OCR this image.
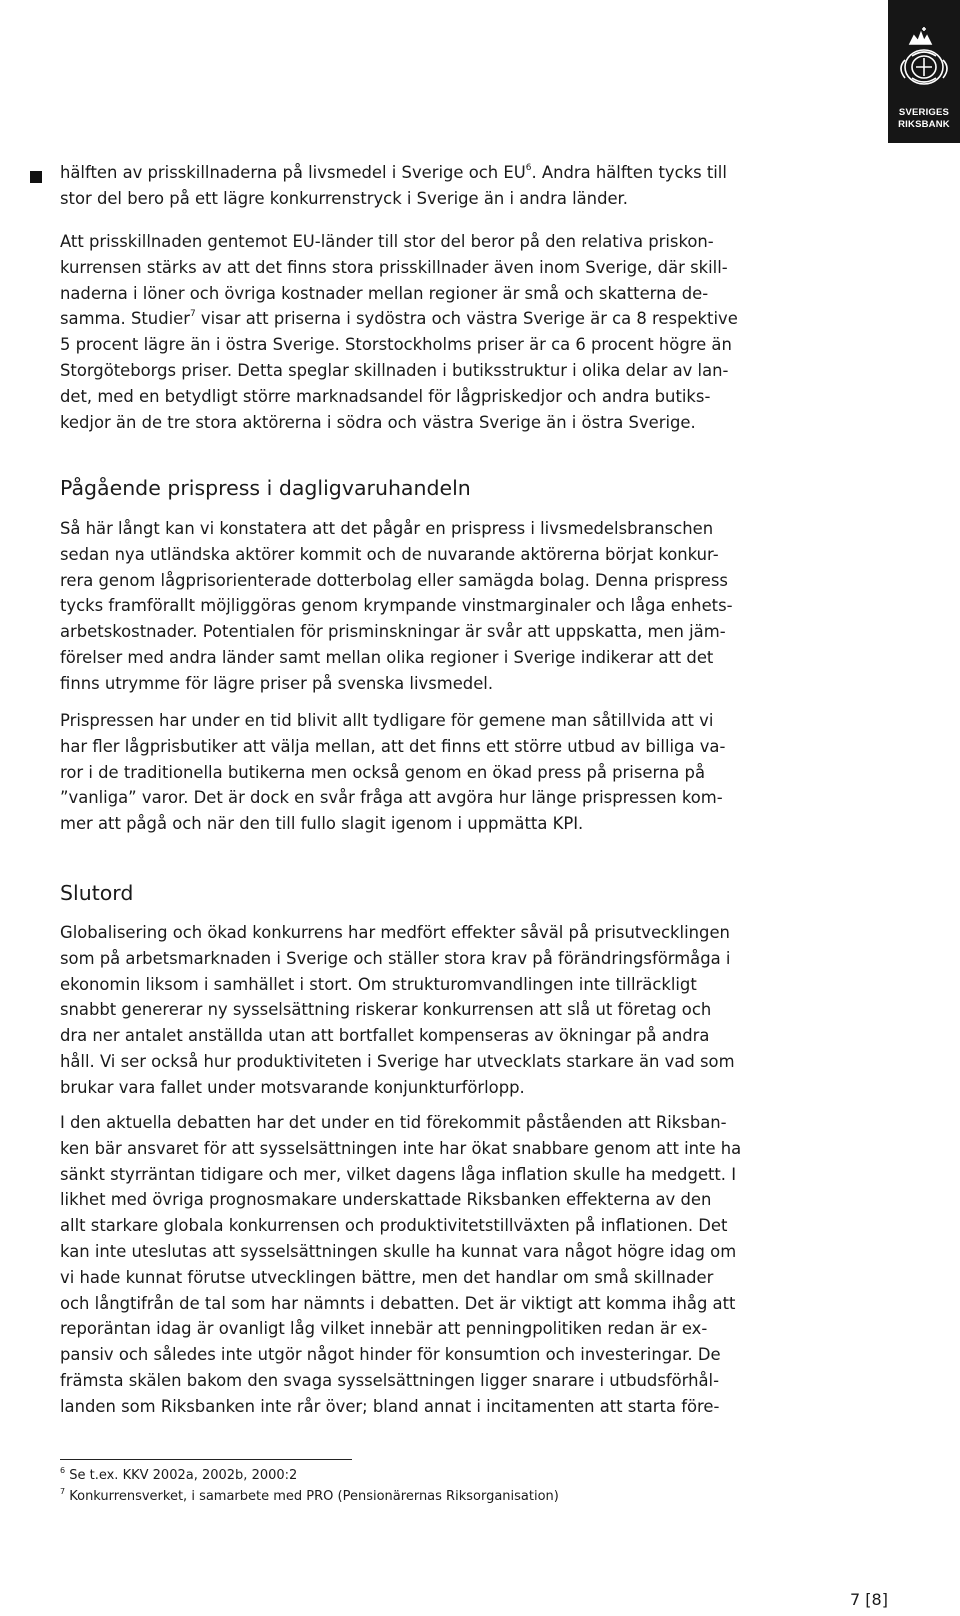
SVERIGES
RIKSBANK

hälften av prisskillnaderna på livsmedel i Sverige och $EU^6$. Andra hälften tycks till
stor del bero på ett lägre konkurrenstryck i Sverige än i andra länder.

Att prisskillnaden gentemot EU-länder till stor del beror på den relativa priskon-
kurrensen stärks av att det finns stora prisskillnader även inom Sverige, där skill-
naderna i löner och övriga kostnader mellan regioner är små och skatterna de-
samma. Studier$^7$ visar att priserna i sydöstra och västra Sverige är ca 8 respektive
5 procent lägre än i östra Sverige. Storstockholms priser är ca 6 procent högre än
Storgöteborgs priser. Detta speglar skillnaden i butiksstruktur i olika delar av lan-
det, med en betydligt större marknadsandel för lågpriskedjor och andra butiks-
kedjor än de tre stora aktörerna i södra och västra Sverige än i östra Sverige.

Pågående prispress i dagligvaruhandeln

Så här långt kan vi konstatera att det pågår en prispress i livsmedelsbranschen
sedan nya utländska aktörer kommit och de nuvarande aktörerna börjat konkur-
rera genom lågprisorienterade dotterbolag eller samägda bolag. Denna prispress
tycks framförallt möjliggöras genom krympande vinstmarginaler och låga enhets-
arbetskostnader. Potentialen för prisminskningar är svår att uppskatta, men jäm-
förelser med andra länder samt mellan olika regioner i Sverige indikerar att det
finns utrymme för lägre priser på svenska livsmedel.

Prispressen har under en tid blivit allt tydligare för gemene man såtillvida att vi
har fler lågprisbutiker att välja mellan, att det finns ett större utbud av billiga va-
ror i de traditionella butikerna men också genom en ökad press på priserna på
”vanliga” varor. Det är dock en svår fråga att avgöra hur länge prispressen kom-
mer att pågå och när den till fullo slagit igenom i uppmätta KPI.

Slutord

Globalisering och ökad konkurrens har medfört effekter såväl på prisutvecklingen
som på arbetsmarknaden i Sverige och ställer stora krav på förändringsförmåga i
ekonomin liksom i samhället i stort. Om strukturomvandlingen inte tillräckligt
snabbt genererar ny sysselsättning riskerar konkurrensen att slå ut företag och
dra ner antalet anställda utan att bortfallet kompenseras av ökningar på andra
håll. Vi ser också hur produktiviteten i Sverige har utvecklats starkare än vad som
brukar vara fallet under motsvarande konjunkturförlopp.

I den aktuella debatten har det under en tid förekommit påståenden att Riksban-
ken bär ansvaret för att sysselsättningen inte har ökat snabbare genom att inte ha
sänkt styrräntan tidigare och mer, vilket dagens låga inflation skulle ha medgett. I
likhet med övriga prognosmakare underskattade Riksbanken effekterna av den
allt starkare globala konkurrensen och produktivitetstillväxten på inflationen. Det
kan inte uteslutas att sysselsättningen skulle ha kunnat vara något högre idag om
vi hade kunnat förutse utvecklingen bättre, men det handlar om små skillnader
och långtifrån de tal som har nämnts i debatten. Det är viktigt att komma ihåg att
reporäntan idag är ovanligt låg vilket innebär att penningpolitiken redan är ex-
pansiv och således inte utgör något hinder för konsumtion och investeringar. De
främsta skälen bakom den svaga sysselsättningen ligger snarare i utbudsförhål-
landen som Riksbanken inte rår över; bland annat i incitamenten att starta före-

$^6$ Se t.ex. KKV 2002a, 2002b, 2000:2

$^7$ Konkurrensverket, i samarbete med PRO (Pensionärernas Riksorganisation)

7 [8]
